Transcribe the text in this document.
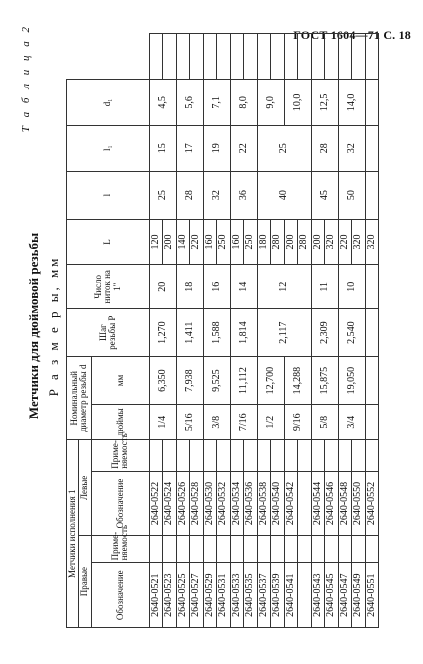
ГОСТ 1604—71 С. 18
Т а б л и ц а 2
Метчики для дюймовой резьбы Р а з м е р ы, мм
Метчики исполнения 1				Номинальный диаметр резьбы d		Шаг резьбы P	Число ниток на 1"	L	l	l₁	d₁	
Правые		Левые										
Обозначение	Приме-няемость	Обозначение	Приме-няемость	дюймы	мм							
2640-0521		2640-0522		1/4	6,350	1,270	20	120	25	15	4,5	
2640-0523		2640-0524						200				
2640-0525		2640-0526		5/16	7,938	1,411	18	140	28	17	5,6	
2640-0527		2640-0528						220				
2640-0529		2640-0530		3/8	9,525	1,588	16	160	32	19	7,1	
2640-0531		2640-0532						250				
2640-0533		2640-0534		7/16	11,112	1,814	14	160	36	22	8,0	
2640-0535		2640-0536						250				
2640-0537		2640-0538		1/2	12,700	2,117	12	180	40	25	9,0	
2640-0539		2640-0540						280				
2640-0541		2640-0542		9/16	14,288			200			10,0	
								280				
2640-0543		2640-0544		5/8	15,875	2,309	11	200	45	28	12,5	
2640-0545		2640-0546						320				
2640-0547		2640-0548		3/4	19,050	2,540	10	220	50	32	14,0	
2640-0549		2640-0550						320				
2640-0551		2640-0552						320				
